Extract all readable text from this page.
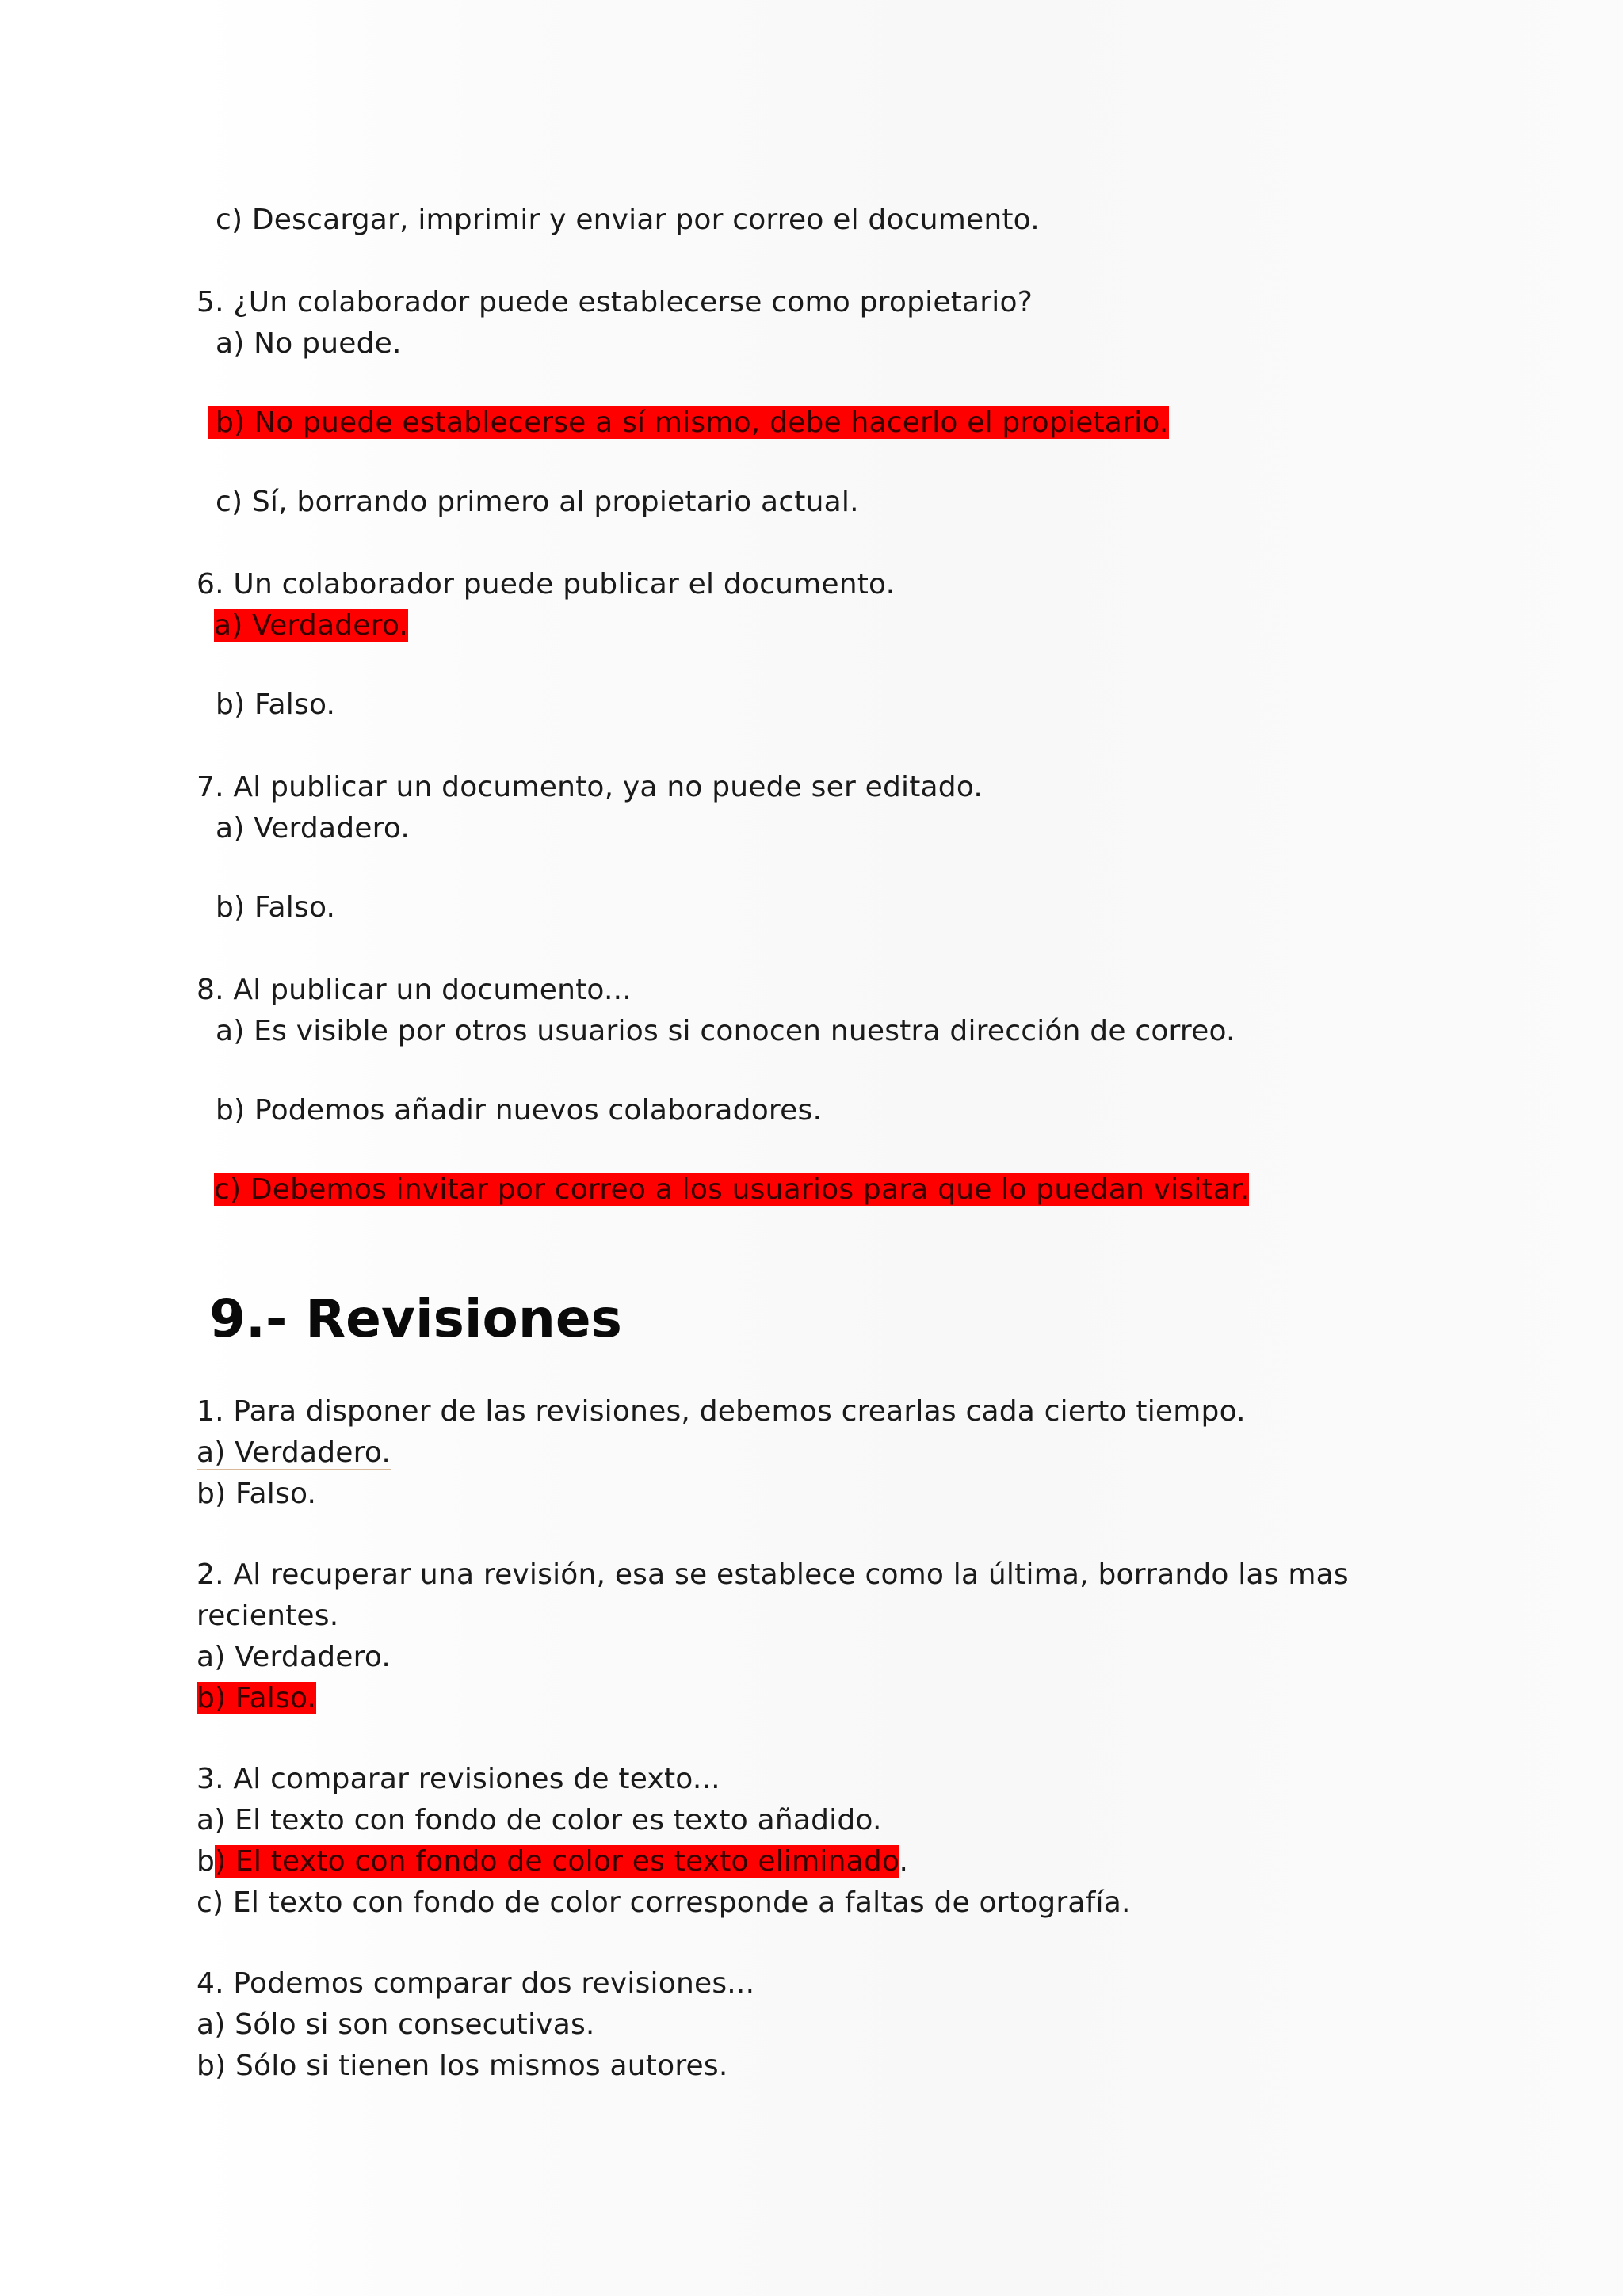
c) Descargar, imprimir y enviar por correo el documento.
5. ¿Un colaborador puede establecerse como propietario?
a) No puede.
b) No puede establecerse a sí mismo, debe hacerlo el propietario.
c) Sí, borrando primero al propietario actual.
6. Un colaborador puede publicar el documento.
a) Verdadero.
b) Falso.
7. Al publicar un documento, ya no puede ser editado.
a) Verdadero.
b) Falso.
8. Al publicar un documento...
a) Es visible por otros usuarios si conocen nuestra dirección de correo.
b) Podemos añadir nuevos colaboradores.
c) Debemos invitar por correo a los usuarios para que lo puedan visitar.
9.- Revisiones
1. Para disponer de las revisiones, debemos crearlas cada cierto tiempo.
a) Verdadero.
b) Falso.
2. Al recuperar una revisión, esa se establece como la última, borrando las mas
recientes.
a) Verdadero.
b) Falso.
3. Al comparar revisiones de texto...
a) El texto con fondo de color es texto añadido.
b) El texto con fondo de color es texto eliminado.
c) El texto con fondo de color corresponde a faltas de ortografía.
4. Podemos comparar dos revisiones...
a) Sólo si son consecutivas.
b) Sólo si tienen los mismos autores.
